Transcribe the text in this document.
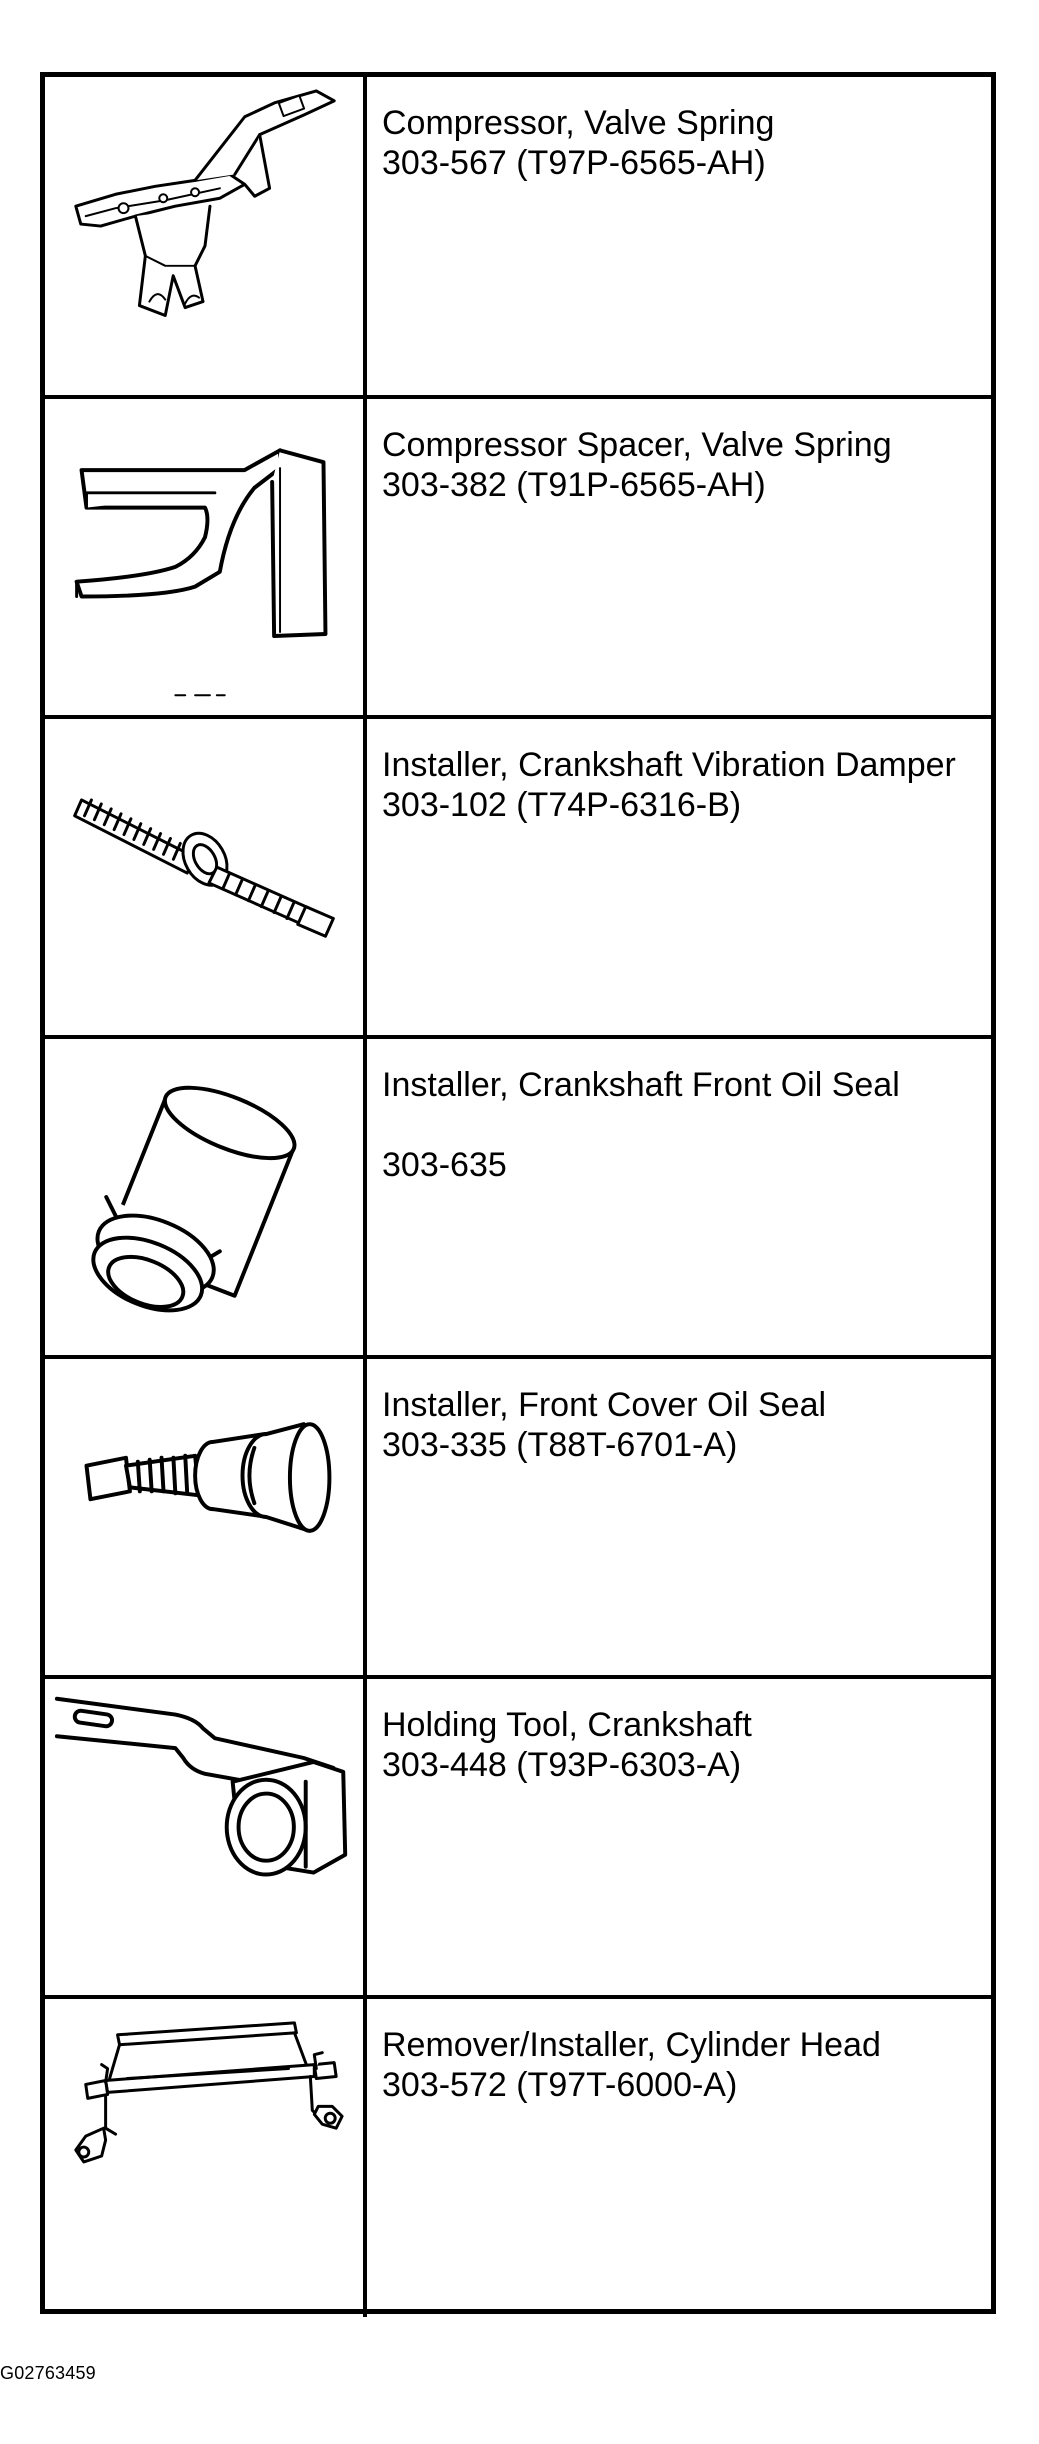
Compressor, Valve Spring
303-567 (T97P-6565-AH)

Compressor Spacer, Valve Spring
303-382 (T91P-6565-AH)

Installer, Crankshaft Vibration Damper
303-102 (T74P-6316-B)

Installer, Crankshaft Front Oil Seal
303-635

Installer, Front Cover Oil Seal
303-335 (T88T-6701-A)

Holding Tool, Crankshaft
303-448 (T93P-6303-A)

Remover/Installer, Cylinder Head
303-572 (T97T-6000-A)
G02763459
